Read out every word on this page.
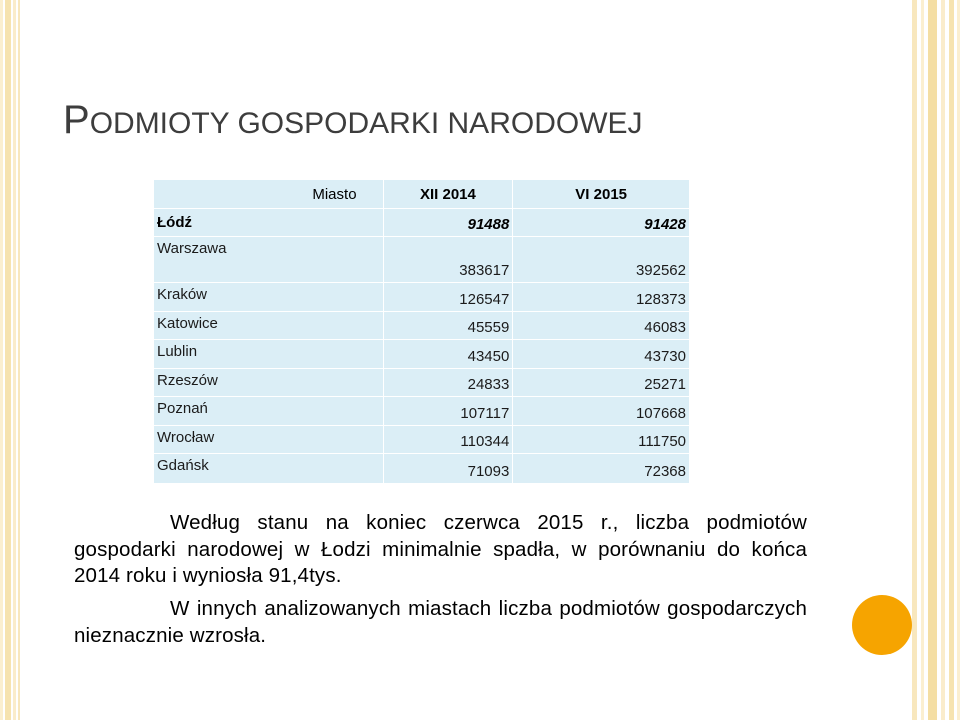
PODMIOTY GOSPODARKI NARODOWEJ
Miasto	XII 2014	VI 2015
Łódź	91488	91428
Warszawa	383617	392562
Kraków	126547	128373
Katowice	45559	46083
Lublin	43450	43730
Rzeszów	24833	25271
Poznań	107117	107668
Wrocław	110344	111750
Gdańsk	71093	72368

Według stanu na koniec czerwca 2015 r., liczba podmiotów gospodarki narodowej w Łodzi minimalnie spadła, w porównaniu do końca 2014 roku i wyniosła 91,4tys.

W innych analizowanych miastach liczba podmiotów gospodarczych nieznacznie wzrosła.
